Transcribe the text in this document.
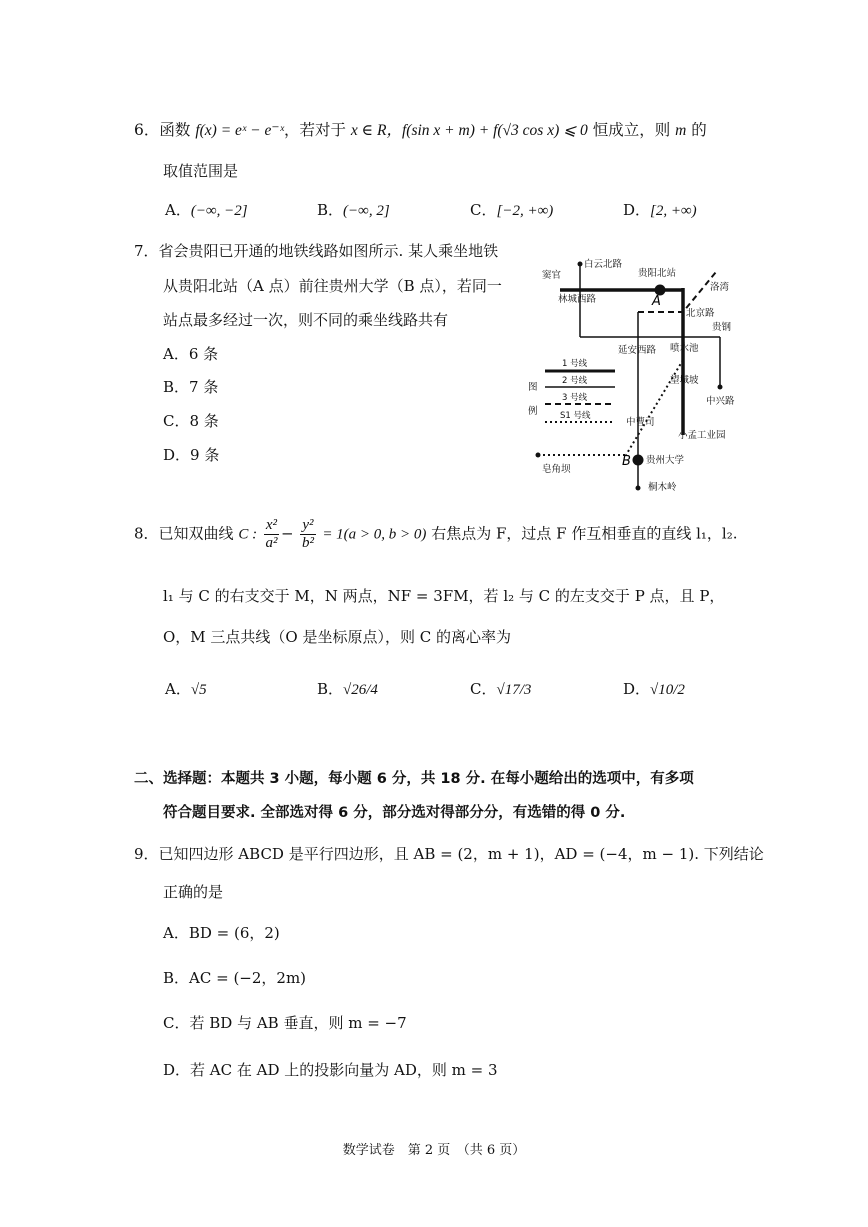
6．函数 f(x) = eˣ − e⁻ˣ，若对于 x ∈ R，f(sin x + m) + f(√3 cos x) ⩽ 0 恒成立，则 m 的
取值范围是
A．(−∞, −2]	B．(−∞, 2]	C．[−2, +∞)	D．[2, +∞)
7．省会贵阳已开通的地铁线路如图所示. 某人乘坐地铁
从贵阳北站（A 点）前往贵州大学（B 点），若同一
站点最多经过一次，则不同的乘坐线路共有
A．6 条
B．7 条
C．8 条
D．9 条
白云北路
窦官	贵阳北站
洛湾
林城西路
北京路
贵钢
延安西路 喷水池
望城坡
中兴路
中曹司
小孟工业园
皂角坝
贵州大学
桐木岭
图
例
1 号线
2 号线
3 号线
S1 号线
A
B
8．已知双曲线 C : $\frac{\text{x²}}{\text{a²}} - \frac{\text{y²}}{\text{b²}} = 1(a > 0$, b > 0) 右焦点为 F，过点 F 作互相垂直的直线 l₁，l₂.
l₁ 与 C 的右支交于 M，N 两点，NF = 3FM，若 l₂ 与 C 的左支交于 P 点，且 P，
O，M 三点共线（O 是坐标原点），则 C 的离心率为
A．√5	B．√26/4	C．√17/3	D．√10/2
二、选择题：本题共 3 小题，每小题 6 分，共 18 分. 在每小题给出的选项中，有多项
符合题目要求. 全部选对得 6 分，部分选对得部分分，有选错的得 0 分.
9．已知四边形 ABCD 是平行四边形，且 AB = (2，m + 1)，AD = (−4，m − 1). 下列结论
正确的是
A．BD = (6，2)
B．AC = (−2，2m)
C．若 BD 与 AB 垂直，则 m = −7
D．若 AC 在 AD 上的投影向量为 AD，则 m = 3
数学试卷　第 2 页　（共 6 页）
